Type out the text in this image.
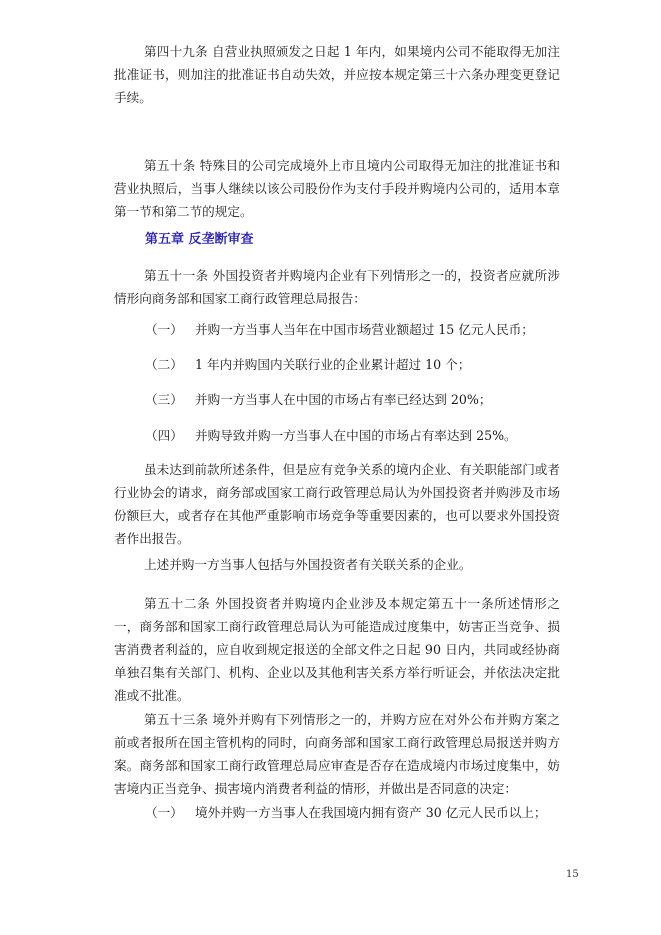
第四十九条 自营业执照颁发之日起 1 年内，如果境内公司不能取得无加注批准证书，则加注的批准证书自动失效，并应按本规定第三十六条办理变更登记手续。

第五十条 特殊目的公司完成境外上市且境内公司取得无加注的批准证书和营业执照后，当事人继续以该公司股份作为支付手段并购境内公司的，适用本章第一节和第二节的规定。

第五章 反垄断审查

第五十一条 外国投资者并购境内企业有下列情形之一的，投资者应就所涉情形向商务部和国家工商行政管理总局报告：

（一） 并购一方当事人当年在中国市场营业额超过 15 亿元人民币；
（二） 1 年内并购国内关联行业的企业累计超过 10 个；
（三） 并购一方当事人在中国的市场占有率已经达到 20%；
（四） 并购导致并购一方当事人在中国的市场占有率达到 25%。

虽未达到前款所述条件，但是应有竞争关系的境内企业、有关职能部门或者行业协会的请求，商务部或国家工商行政管理总局认为外国投资者并购涉及市场份额巨大，或者存在其他严重影响市场竞争等重要因素的，也可以要求外国投资者作出报告。

上述并购一方当事人包括与外国投资者有关联关系的企业。

第五十二条 外国投资者并购境内企业涉及本规定第五十一条所述情形之一，商务部和国家工商行政管理总局认为可能造成过度集中，妨害正当竞争、损害消费者利益的，应自收到规定报送的全部文件之日起 90 日内，共同或经协商单独召集有关部门、机构、企业以及其他利害关系方举行听证会，并依法决定批准或不批准。

第五十三条 境外并购有下列情形之一的，并购方应在对外公布并购方案之前或者报所在国主管机构的同时，向商务部和国家工商行政管理总局报送并购方案。商务部和国家工商行政管理总局应审查是否存在造成境内市场过度集中，妨害境内正当竞争、损害境内消费者利益的情形，并做出是否同意的决定：

（一） 境外并购一方当事人在我国境内拥有资产 30 亿元人民币以上；
15
